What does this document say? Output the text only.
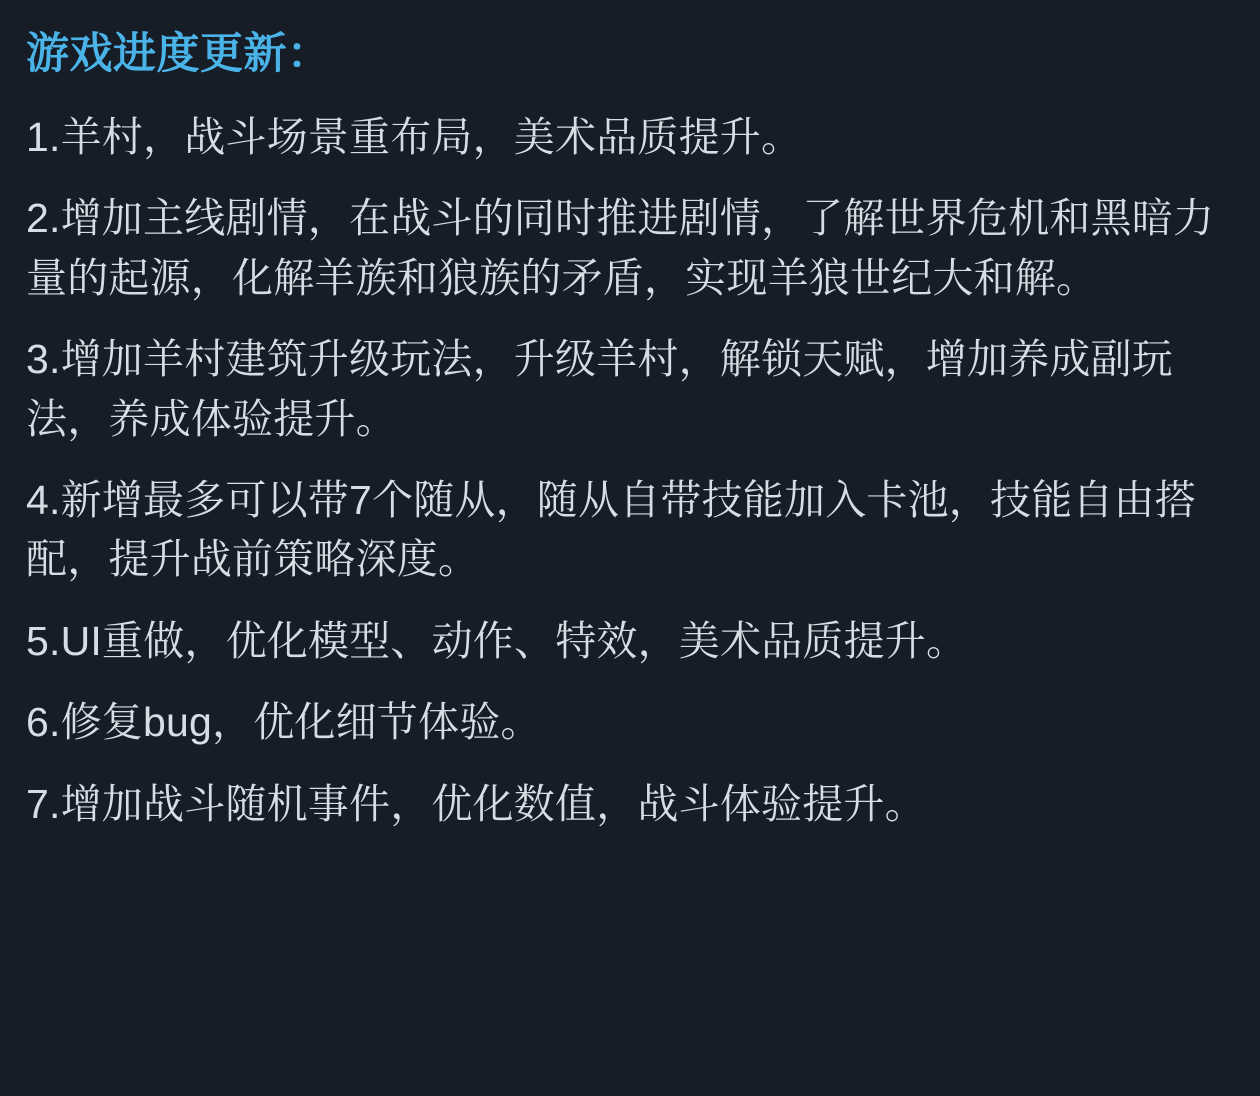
游戏进度更新：
1.羊村，战斗场景重布局，美术品质提升。
2.增加主线剧情，在战斗的同时推进剧情，了解世界危机和黑暗力量的起源，化解羊族和狼族的矛盾，实现羊狼世纪大和解。
3.增加羊村建筑升级玩法，升级羊村，解锁天赋，增加养成副玩法，养成体验提升。
4.新增最多可以带7个随从，随从自带技能加入卡池，技能自由搭配，提升战前策略深度。
5.UI重做，优化模型、动作、特效，美术品质提升。
6.修复bug，优化细节体验。
7.增加战斗随机事件，优化数值，战斗体验提升。
